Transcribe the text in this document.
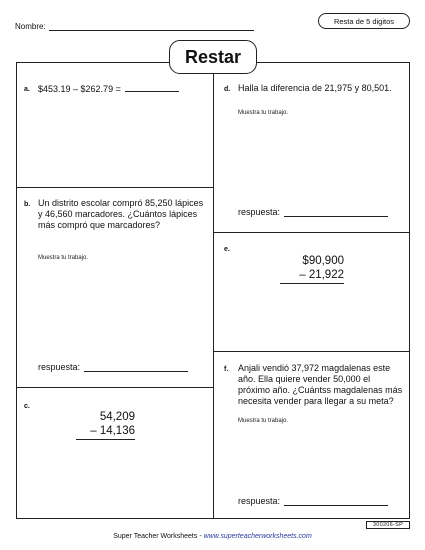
Nombre:
Resta de 5 digitos
Restar
a. $453.19 – $262.79 =
b. Un distrito escolar compró 85,250 lápices y 46,560 marcadores. ¿Cuántos lápices más compró que marcadores?
Muestra tu trabajo.
respuesta:
c.
54,209
– 14,136
d. Halla la diferencia de 21,975 y 80,501.
Muestra tu trabajo.
respuesta:
e.
$90,900
– 21,922
f. Anjali vendió 37,972 magdalenas este año. Ella quiere vender 50,000 el próximo año. ¿Cuántss magdalenas más necesita vender para llegar a su meta?
Muestra tu trabajo.
respuesta:
300206-SP
Super Teacher Worksheets - www.superteacherworksheets.com
